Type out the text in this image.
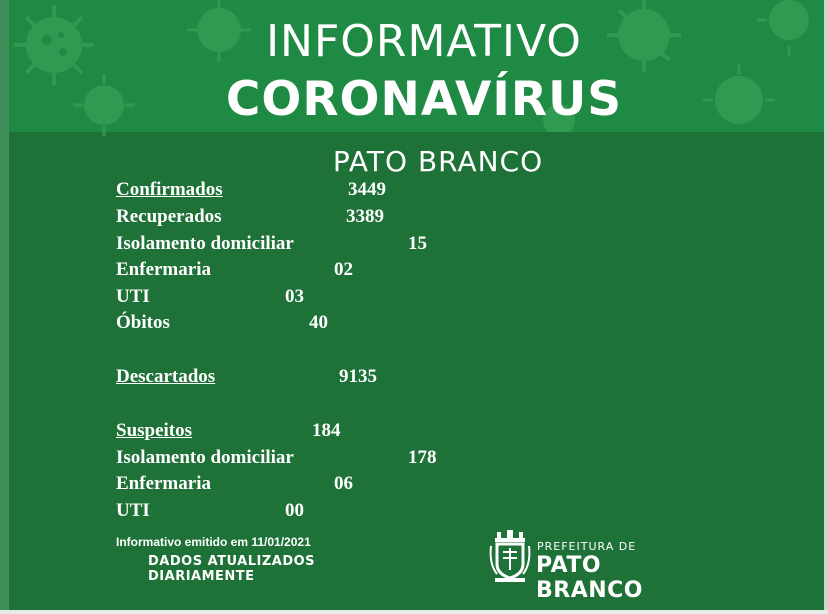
INFORMATIVO
CORONAVÍRUS
PATO BRANCO
Confirmados	3449
Recuperados	3389
Isolamento domiciliar	15
Enfermaria	02
UTI	03
Óbitos	40
Descartados	9135
Suspeitos	184
Isolamento domiciliar	178
Enfermaria	06
UTI	00
Informativo emitido em 11/01/2021
DADOS ATUALIZADOS
DIARIAMENTE
PREFEITURA DE
PATO BRANCO
